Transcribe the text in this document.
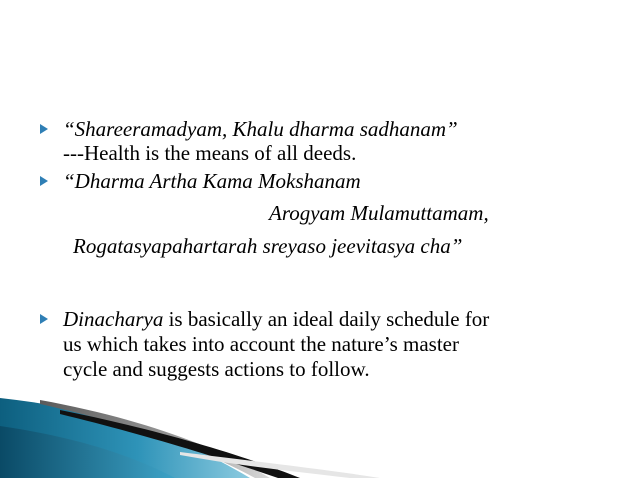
“Shareeramadyam, Khalu dharma sadhanam”
---Health is the means of all deeds.
“Dharma Artha Kama Mokshanam
Arogyam Mulamuttamam,
Rogatasyapahartarah sreyaso jeevitasya cha”
Dinacharya is basically an ideal daily schedule for
us which takes into account the nature’s master
cycle and suggests actions to follow.
